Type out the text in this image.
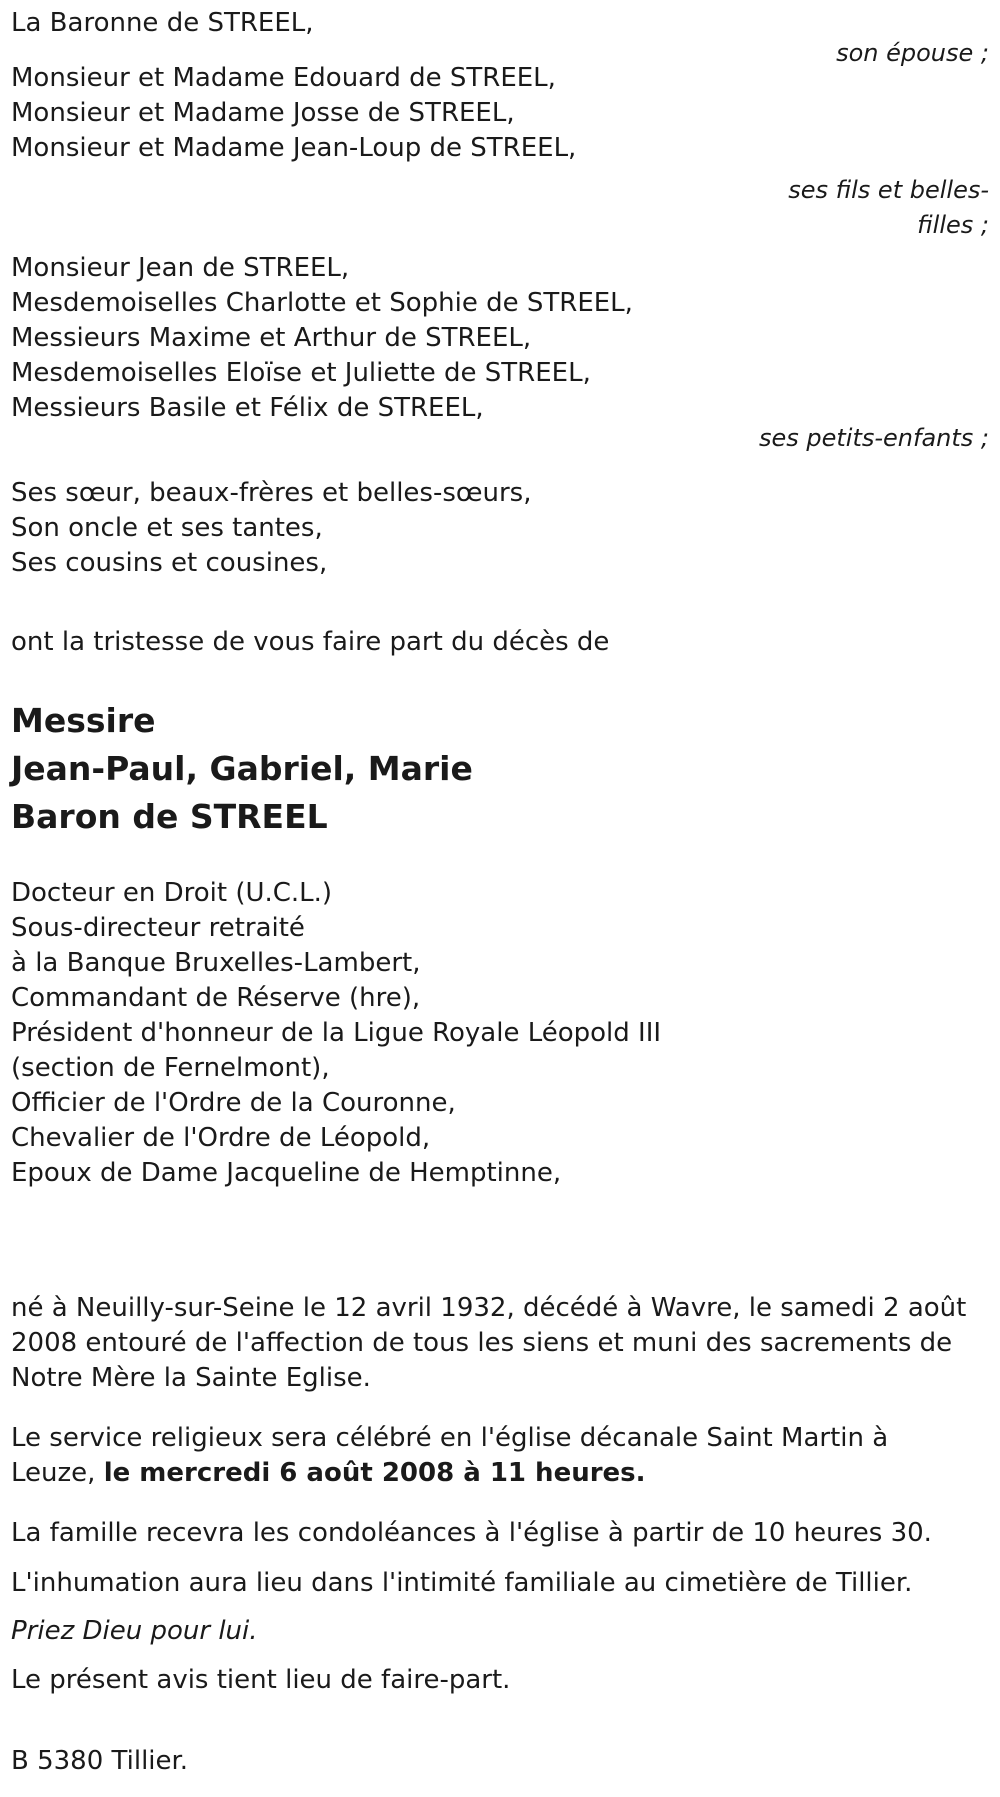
La Baronne de STREEL,
son épouse ;
Monsieur et Madame Edouard de STREEL,
Monsieur et Madame Josse de STREEL,
Monsieur et Madame Jean-Loup de STREEL,
ses fils et belles-
filles ;
Monsieur Jean de STREEL,
Mesdemoiselles Charlotte et Sophie de STREEL,
Messieurs Maxime et Arthur de STREEL,
Mesdemoiselles Eloïse et Juliette de STREEL,
Messieurs Basile et Félix de STREEL,
ses petits-enfants ;
Ses sœur, beaux-frères et belles-sœurs,
Son oncle et ses tantes,
Ses cousins et cousines,
ont la tristesse de vous faire part du décès de
Messire
Jean-Paul, Gabriel, Marie
Baron de STREEL
Docteur en Droit (U.C.L.)
Sous-directeur retraité
à la Banque Bruxelles-Lambert,
Commandant de Réserve (hre),
Président d'honneur de la Ligue Royale Léopold III
(section de Fernelmont),
Officier de l'Ordre de la Couronne,
Chevalier de l'Ordre de Léopold,
Epoux de Dame Jacqueline de Hemptinne,
né à Neuilly-sur-Seine le 12 avril 1932, décédé à Wavre, le samedi 2 août
2008 entouré de l'affection de tous les siens et muni des sacrements de
Notre Mère la Sainte Eglise.
Le service religieux sera célébré en l'église décanale Saint Martin à
Leuze, le mercredi 6 août 2008 à 11 heures.
La famille recevra les condoléances à l'église à partir de 10 heures 30.
L'inhumation aura lieu dans l'intimité familiale au cimetière de Tillier.
Priez Dieu pour lui.
Le présent avis tient lieu de faire-part.
B 5380 Tillier.
